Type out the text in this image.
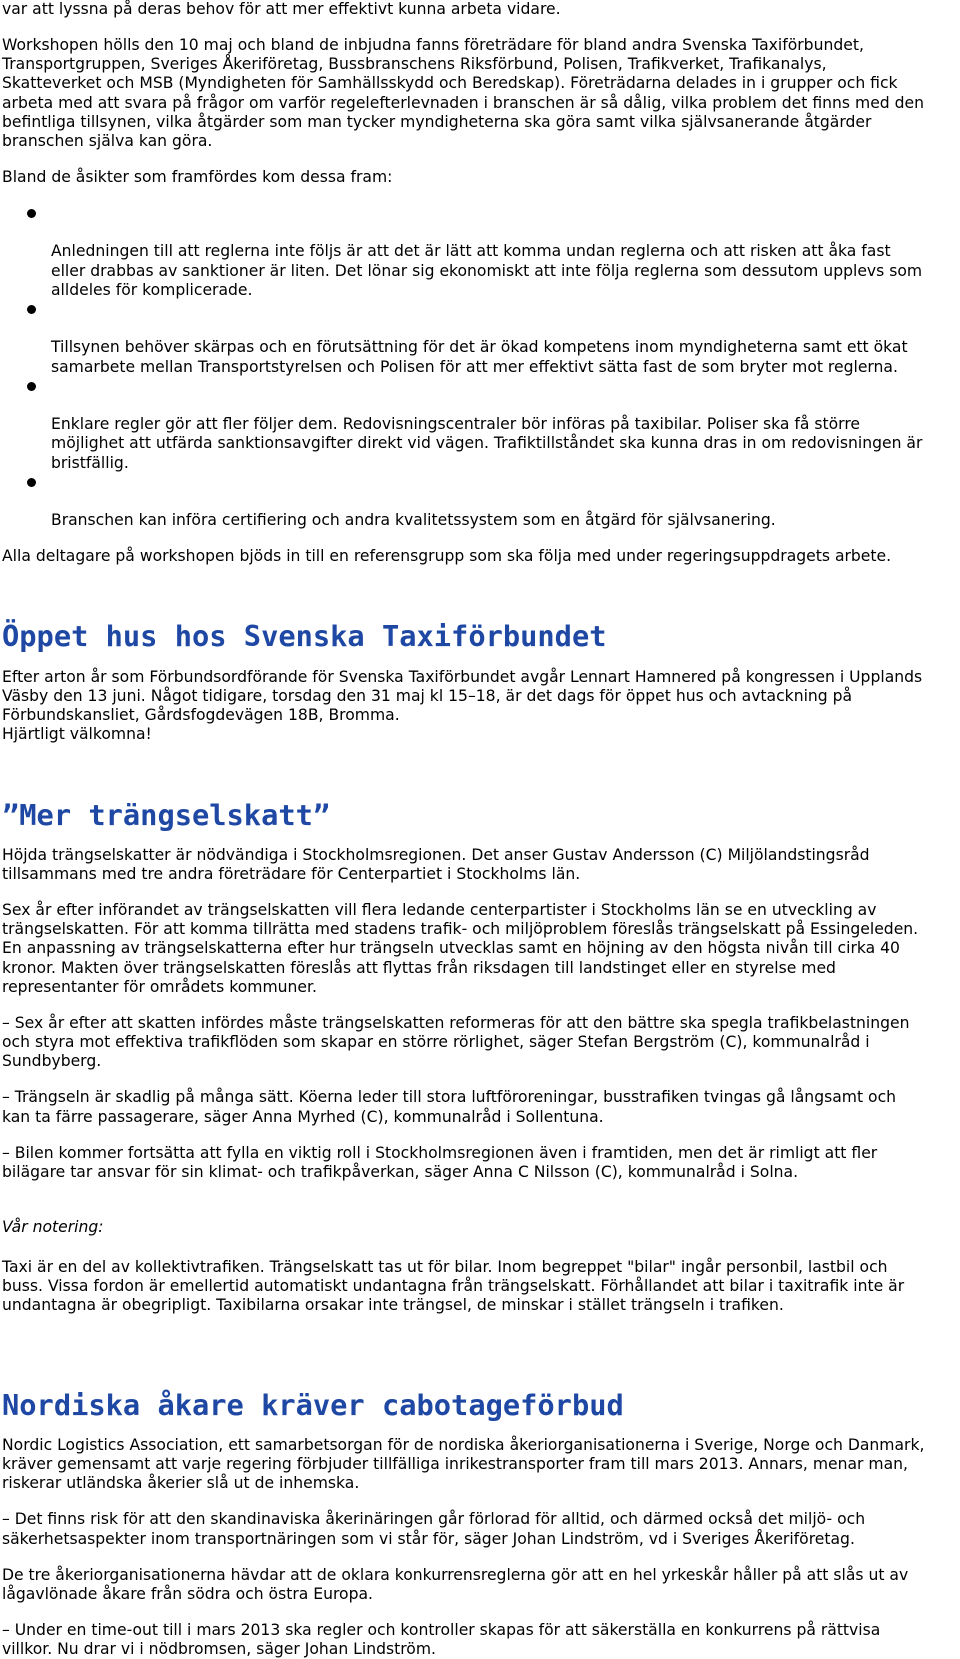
var att lyssna på deras behov för att mer effektivt kunna arbeta vidare.

Workshopen hölls den 10 maj och bland de inbjudna fanns företrädare för bland andra Svenska Taxiförbundet,
Transportgruppen, Sveriges Åkeriföretag, Bussbranschens Riksförbund, Polisen, Trafikverket, Trafikanalys,
Skatteverket och MSB (Myndigheten för Samhällsskydd och Beredskap). Företrädarna delades in i grupper och fick
arbeta med att svara på frågor om varför regelefterlevnaden i branschen är så dålig, vilka problem det finns med den
befintliga tillsynen, vilka åtgärder som man tycker myndigheterna ska göra samt vilka självsanerande åtgärder
branschen själva kan göra.

Bland de åsikter som framfördes kom dessa fram:

Anledningen till att reglerna inte följs är att det är lätt att komma undan reglerna och att risken att åka fast
eller drabbas av sanktioner är liten. Det lönar sig ekonomiskt att inte följa reglerna som dessutom upplevs som
alldeles för komplicerade.

Tillsynen behöver skärpas och en förutsättning för det är ökad kompetens inom myndigheterna samt ett ökat
samarbete mellan Transportstyrelsen och Polisen för att mer effektivt sätta fast de som bryter mot reglerna.

Enklare regler gör att fler följer dem. Redovisningscentraler bör införas på taxibilar. Poliser ska få större
möjlighet att utfärda sanktionsavgifter direkt vid vägen. Trafiktillståndet ska kunna dras in om redovisningen är
bristfällig.

Branschen kan införa certifiering och andra kvalitetssystem som en åtgärd för självsanering.

Alla deltagare på workshopen bjöds in till en referensgrupp som ska följa med under regeringsuppdragets arbete.

Öppet hus hos Svenska Taxiförbundet

Efter arton år som Förbundsordförande för Svenska Taxiförbundet avgår Lennart Hamnered på kongressen i Upplands
Väsby den 13 juni. Något tidigare, torsdag den 31 maj kl 15–18, är det dags för öppet hus och avtackning på
Förbundskansliet, Gårdsfogdevägen 18B, Bromma.
Hjärtligt välkomna!

”Mer trängselskatt”

Höjda trängselskatter är nödvändiga i Stockholmsregionen. Det anser Gustav Andersson (C) Miljölandstingsråd
tillsammans med tre andra företrädare för Centerpartiet i Stockholms län.

Sex år efter införandet av trängselskatten vill flera ledande centerpartister i Stockholms län se en utveckling av
trängselskatten. För att komma tillrätta med stadens trafik- och miljöproblem föreslås trängselskatt på Essingeleden.
En anpassning av trängselskatterna efter hur trängseln utvecklas samt en höjning av den högsta nivån till cirka 40
kronor. Makten över trängselskatten föreslås att flyttas från riksdagen till landstinget eller en styrelse med
representanter för områdets kommuner.

– Sex år efter att skatten infördes måste trängselskatten reformeras för att den bättre ska spegla trafikbelastningen
och styra mot effektiva trafikflöden som skapar en större rörlighet, säger Stefan Bergström (C), kommunalråd i
Sundbyberg.

– Trängseln är skadlig på många sätt. Köerna leder till stora luftföroreningar, busstrafiken tvingas gå långsamt och
kan ta färre passagerare, säger Anna Myrhed (C), kommunalråd i Sollentuna.

– Bilen kommer fortsätta att fylla en viktig roll i Stockholmsregionen även i framtiden, men det är rimligt att fler
bilägare tar ansvar för sin klimat- och trafikpåverkan, säger Anna C Nilsson (C), kommunalråd i Solna.

Vår notering:

Taxi är en del av kollektivtrafiken. Trängselskatt tas ut för bilar. Inom begreppet "bilar" ingår personbil, lastbil och
buss. Vissa fordon är emellertid automatiskt undantagna från trängselskatt. Förhållandet att bilar i taxitrafik inte är
undantagna är obegripligt. Taxibilarna orsakar inte trängsel, de minskar i stället trängseln i trafiken.

Nordiska åkare kräver cabotageförbud

Nordic Logistics Association, ett samarbetsorgan för de nordiska åkeriorganisationerna i Sverige, Norge och Danmark,
kräver gemensamt att varje regering förbjuder tillfälliga inrikestransporter fram till mars 2013. Annars, menar man,
riskerar utländska åkerier slå ut de inhemska.

– Det finns risk för att den skandinaviska åkerinäringen går förlorad för alltid, och därmed också det miljö- och
säkerhetsaspekter inom transportnäringen som vi står för, säger Johan Lindström, vd i Sveriges Åkeriföretag.

De tre åkeriorganisationerna hävdar att de oklara konkurrensreglerna gör att en hel yrkeskår håller på att slås ut av
lågavlönade åkare från södra och östra Europa.

– Under en time-out till i mars 2013 ska regler och kontroller skapas för att säkerställa en konkurrens på rättvisa
villkor. Nu drar vi i nödbromsen, säger Johan Lindström.
